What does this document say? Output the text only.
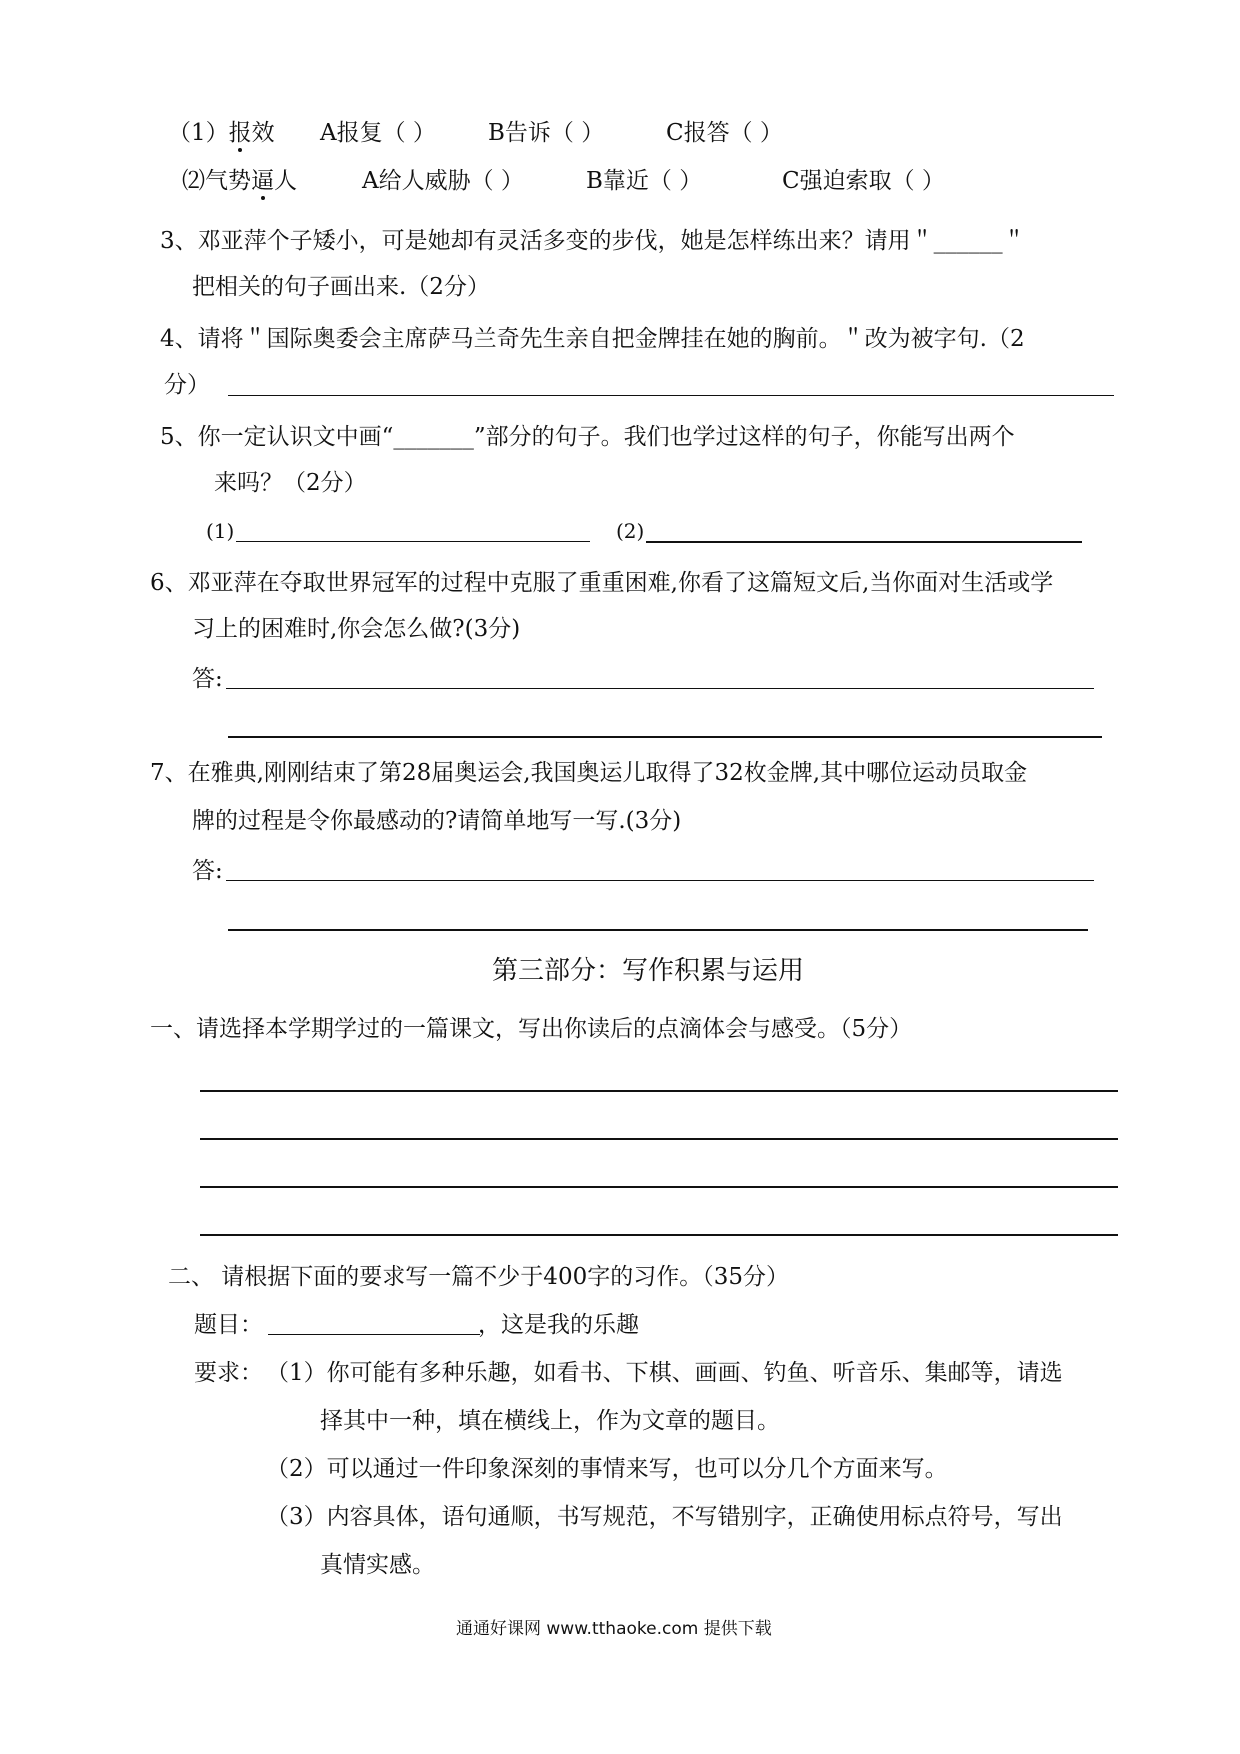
（1）报效 A报复（ ） B告诉（ ）	C报答（ ）
⑵气势逼人	A给人威胁（ ）	B靠近（ ）	C强迫索取（ ）
3、邓亚萍个子矮小，可是她却有灵活多变的步伐，她是怎样练出来？请用＂______＂
把相关的句子画出来.（2分）
4、请将＂国际奥委会主席萨马兰奇先生亲自把金牌挂在她的胸前。＂改为被字句.（2
分）
5、你一定认识文中画“_______”部分的句子。我们也学过这样的句子，你能写出两个
来吗？（2分）
(1)	(2)
6、邓亚萍在夺取世界冠军的过程中克服了重重困难,你看了这篇短文后,当你面对生活或学
习上的困难时,你会怎么做?(3分)
答:
7、在雅典,刚刚结束了第28届奥运会,我国奥运儿取得了32枚金牌,其中哪位运动员取金
牌的过程是令你最感动的?请简单地写一写.(3分)
答:
第三部分：写作积累与运用
一、请选择本学期学过的一篇课文，写出你读后的点滴体会与感受。（5分）
二、 请根据下面的要求写一篇不少于400字的习作。（35分）
题目：	，这是我的乐趣
要求： （1）你可能有多种乐趣，如看书、下棋、画画、钓鱼、听音乐、集邮等，请选
择其中一种，填在横线上，作为文章的题目。
（2）可以通过一件印象深刻的事情来写，也可以分几个方面来写。
（3）内容具体，语句通顺，书写规范，不写错别字，正确使用标点符号，写出
真情实感。
通通好课网 www.tthaoke.com 提供下载
